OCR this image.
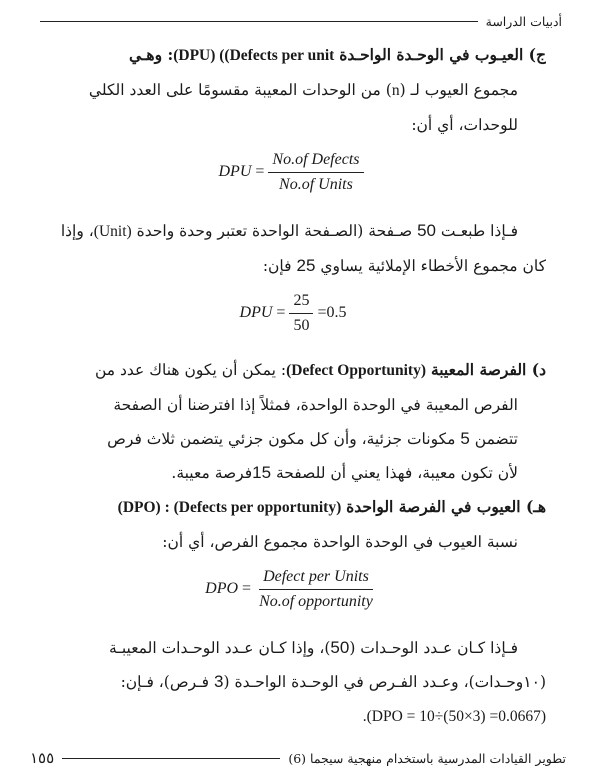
أدبيات الدراسة
ج) العيـوب في الوحـدة الواحـدة (DPU) ((Defects per unit: وهـي
مجموع العيوب لـ (n) من الوحدات المعيبة مقسومًا على العدد الكلي
للوحدات، أي أن:
DPU = $\frac{\text{No.of Defects}}{\text{No.of Units}}$
فـإذا طبعـت 50 صـفحة (الصـفحة الواحدة تعتبر وحدة واحدة (Unit)، وإذا
كان مجموع الأخطاء الإملائية يساوي 25 فإن:
DPU = $\frac{25}{50} =0.5$
د) الفرصة المعيبة (Defect Opportunity): يمكن أن يكون هناك عدد من
الفرص المعيبة في الوحدة الواحدة، فمثلاً إذا افترضنا أن الصفحة
تتضمن 5 مكونات جزئية، وأن كل مكون جزئي يتضمن ثلاث فرص
لأن تكون معيبة، فهذا يعني أن للصفحة 15فرصة معيبة.
هـ) العيوب في الفرصة الواحدة (DPO) : (Defects per opportunity)
نسبة العيوب في الوحدة الواحدة مجموع الفرص، أي أن:
DPO = $\frac{\text{Defect per Units}}{\text{No.of opportunity}}$
فـإذا كـان عـدد الوحـدات (50)، وإذا كـان عـدد الوحـدات المعيبـة
(١٠وحـدات)، وعـدد الفـرص في الوحـدة الواحـدة (3 فـرص)، فـإن:
.(DPO = 10÷(50×3) =0.0667)
تطوير القيادات المدرسية باستخدام منهجية سيجما (6)
١٥٥
